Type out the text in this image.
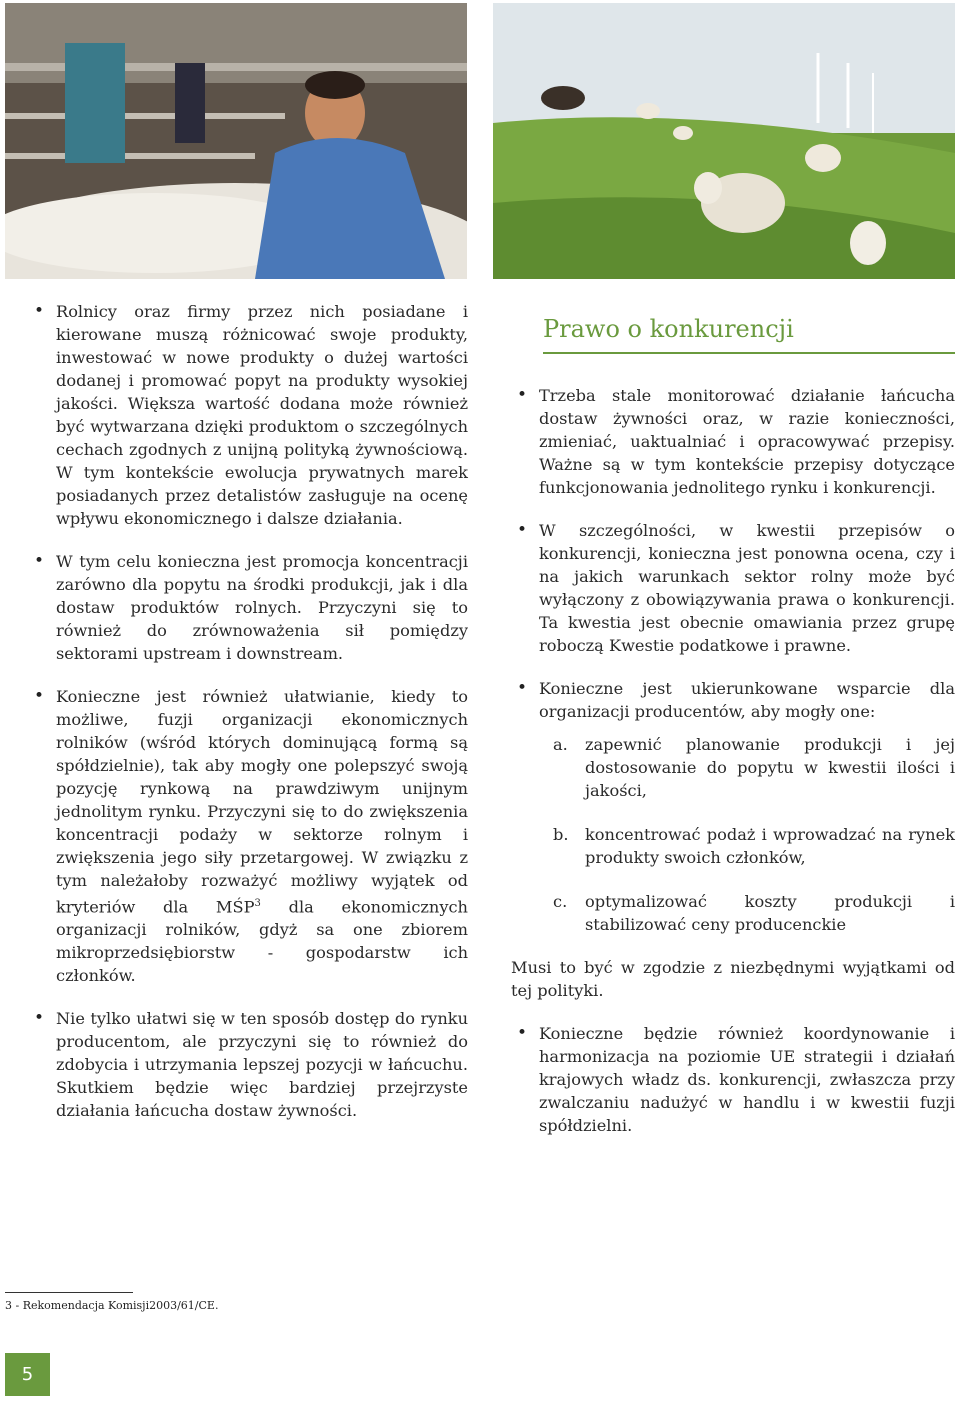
• Rolnicy oraz firmy przez nich posiadane i kierowane muszą różnicować swoje produkty, inwestować w nowe produkty o dużej wartości dodanej i promować popyt na produkty wysokiej jakości. Większa wartość dodana może również być wytwarzana dzięki produktom o szczególnych cechach zgodnych z unijną polityką żywnościową. W tym kontekście ewolucja prywatnych marek posiadanych przez detalistów zasługuje na ocenę wpływu ekonomicznego i dalsze działania.
• W tym celu konieczna jest promocja koncentracji zarówno dla popytu na środki produkcji, jak i dla dostaw produktów rolnych. Przyczyni się to również do zrównoważenia sił pomiędzy sektorami upstream i downstream.
• Konieczne jest również ułatwianie, kiedy to możliwe, fuzji organizacji ekonomicznych rolników (wśród których dominującą formą są spółdzielnie), tak aby mogły one polepszyć swoją pozycję rynkową na prawdziwym unijnym jednolitym rynku. Przyczyni się to do zwiększenia koncentracji podaży w sektorze rolnym i zwiększenia jego siły przetargowej. W związku z tym należałoby rozważyć możliwy wyjątek od kryteriów dla MŚP$^3$ dla ekonomicznych organizacji rolników, gdyż sa one zbiorem mikroprzedsiębiorstw - gospodarstw ich członków.
• Nie tylko ułatwi się w ten sposób dostęp do rynku producentom, ale przyczyni się to również do zdobycia i utrzymania lepszej pozycji w łańcuchu. Skutkiem będzie więc bardziej przejrzyste działania łańcucha dostaw żywności.
Prawo o konkurencji
• Trzeba stale monitorować działanie łańcucha dostaw żywności oraz, w razie konieczności, zmieniać, uaktualniać i opracowywać przepisy. Ważne są w tym kontekście przepisy dotyczące funkcjonowania jednolitego rynku i konkurencji.
• W szczególności, w kwestii przepisów o konkurencji, konieczna jest ponowna ocena, czy i na jakich warunkach sektor rolny może być wyłączony z obowiązywania prawa o konkurencji. Ta kwestia jest obecnie omawiania przez grupę roboczą Kwestie podatkowe i prawne.
• Konieczne jest ukierunkowane wsparcie dla organizacji producentów, aby mogły one:
a. zapewnić planowanie produkcji i jej dostosowanie do popytu w kwestii ilości i jakości,
b. koncentrować podaż i wprowadzać na rynek produkty swoich członków,
c. optymalizować koszty produkcji i stabilizować ceny producenckie

Musi to być w zgodzie z niezbędnymi wyjątkami od tej polityki.

• Konieczne będzie również koordynowanie i harmonizacja na poziomie UE strategii i działań krajowych władz ds. konkurencji, zwłaszcza przy zwalczaniu nadużyć w handlu i w kwestii fuzji spółdzielni.
3 - Rekomendacja Komisji2003/61/CE.
5
